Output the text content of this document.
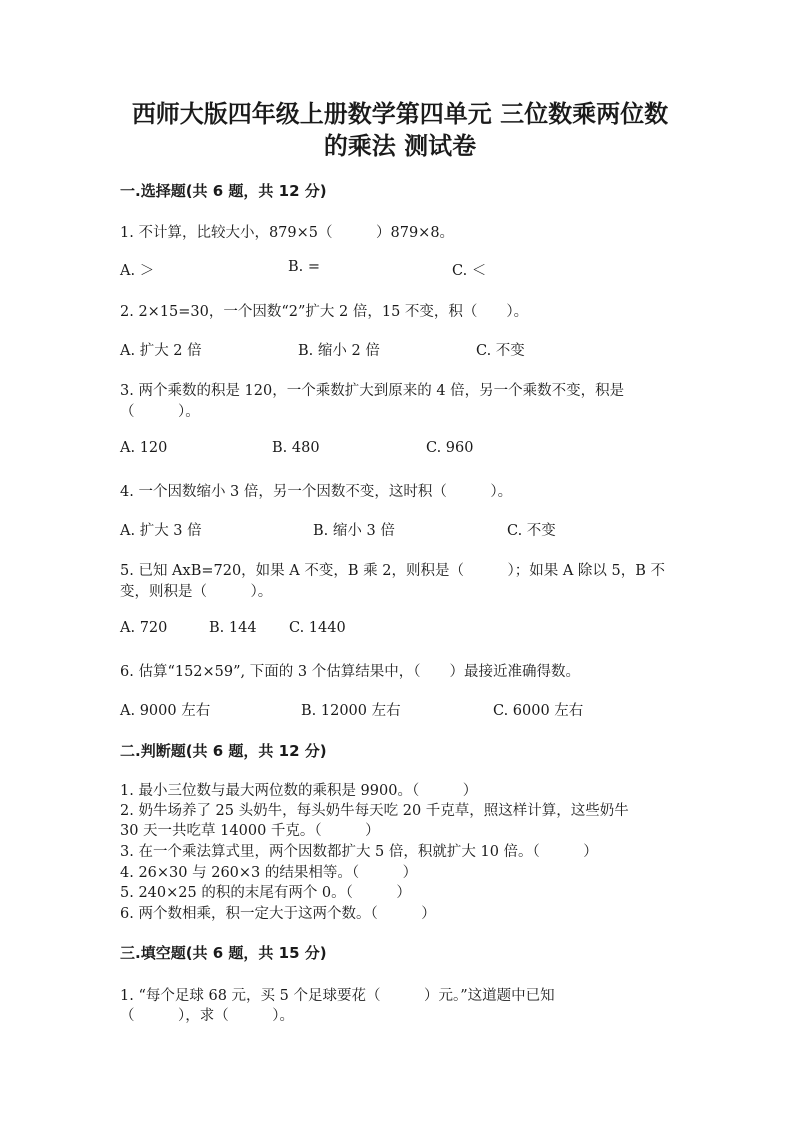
西师大版四年级上册数学第四单元 三位数乘两位数
的乘法 测试卷
一.选择题(共 6 题，共 12 分)
1. 不计算，比较大小，879×5（　　　）879×8。
A. ＞	B. =	C. ＜
2. 2×15=30，一个因数“2”扩大 2 倍，15 不变，积（　　）。
A. 扩大 2 倍	B. 缩小 2 倍	C. 不变
3. 两个乘数的积是 120，一个乘数扩大到原来的 4 倍，另一个乘数不变，积是
（　　　）。
A. 120	B. 480	C. 960
4. 一个因数缩小 3 倍，另一个因数不变，这时积（　　　）。
A. 扩大 3 倍	B. 缩小 3 倍	C. 不变
5. 已知 AxB=720，如果 A 不变，B 乘 2，则积是（　　　）；如果 A 除以 5，B 不
变，则积是（　　　）。
A. 720	B. 144 C. 1440
6. 估算“152×59”, 下面的 3 个估算结果中，（　　）最接近准确得数。
A. 9000 左右	B. 12000 左右	C. 6000 左右
二.判断题(共 6 题，共 12 分)
1. 最小三位数与最大两位数的乘积是 9900。（　　　）
2. 奶牛场养了 25 头奶牛，每头奶牛每天吃 20 千克草，照这样计算，这些奶牛
30 天一共吃草 14000 千克。（　　　）
3. 在一个乘法算式里，两个因数都扩大 5 倍，积就扩大 10 倍。（　　　）
4. 26×30 与 260×3 的结果相等。（　　　）
5. 240×25 的积的末尾有两个 0。（　　　）
6. 两个数相乘，积一定大于这两个数。（　　　）
三.填空题(共 6 题，共 15 分)
1. “每个足球 68 元，买 5 个足球要花（　　　）元。”这道题中已知
（　　　），求（　　　）。
